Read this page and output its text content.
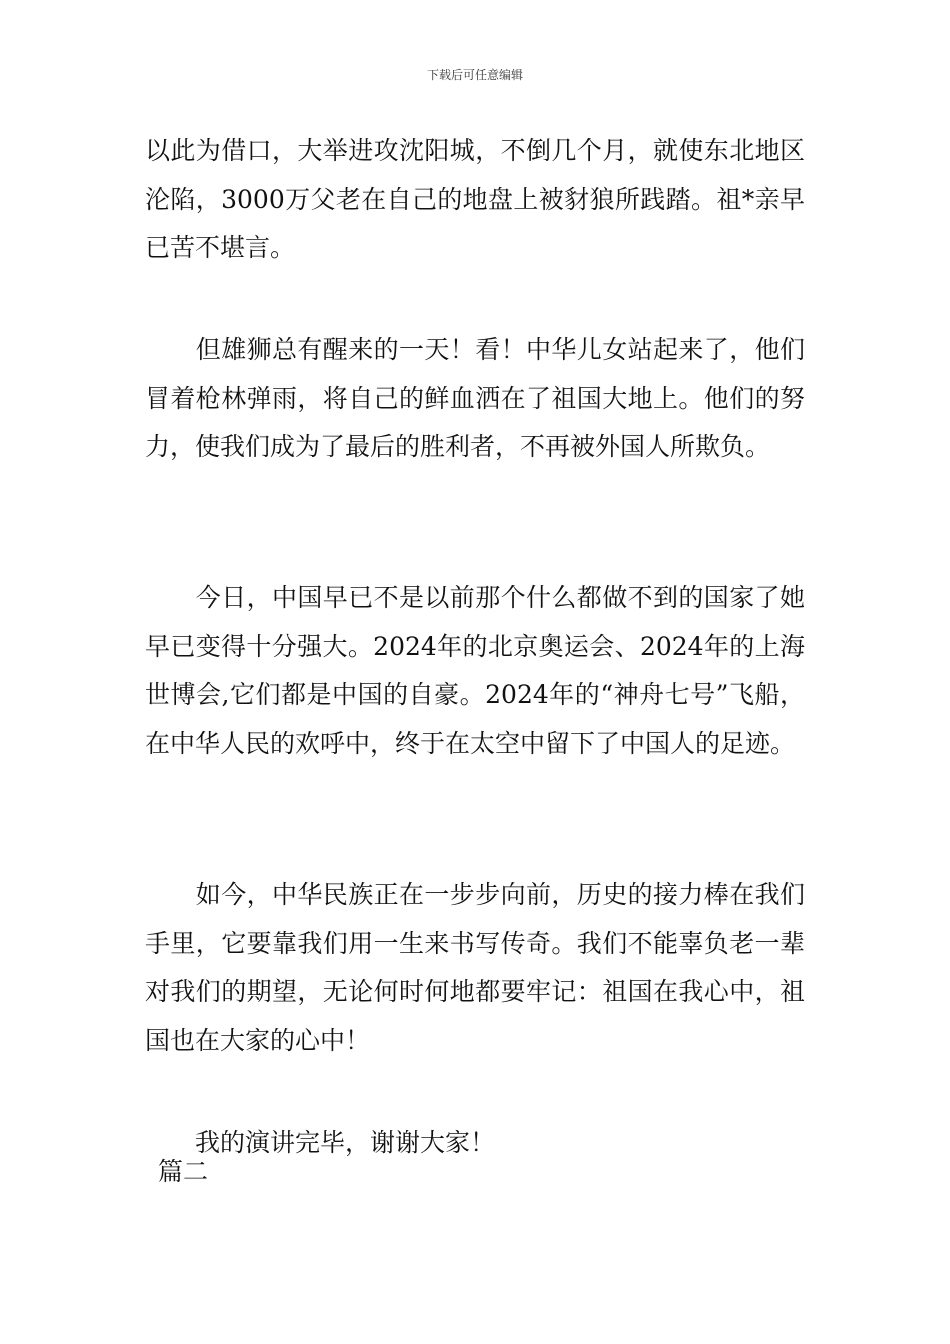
下载后可任意编辑

以此为借口，大举进攻沈阳城，不倒几个月，就使东北地区沦陷，3000万父老在自己的地盘上被豺狼所践踏。祖*亲早已苦不堪言。

　　但雄狮总有醒来的一天！看！中华儿女站起来了，他们冒着枪林弹雨，将自己的鲜血洒在了祖国大地上。他们的努力，使我们成为了最后的胜利者，不再被外国人所欺负。

　　今日，中国早已不是以前那个什么都做不到的国家了她早已变得十分强大。2024年的北京奥运会、2024年的上海世博会,它们都是中国的自豪。2024年的“神舟七号”飞船，在中华人民的欢呼中，终于在太空中留下了中国人的足迹。

　　如今，中华民族正在一步步向前，历史的接力棒在我们手里，它要靠我们用一生来书写传奇。我们不能辜负老一辈对我们的期望，无论何时何地都要牢记：祖国在我心中，祖国也在大家的心中！

　　我的演讲完毕，谢谢大家！

篇二
